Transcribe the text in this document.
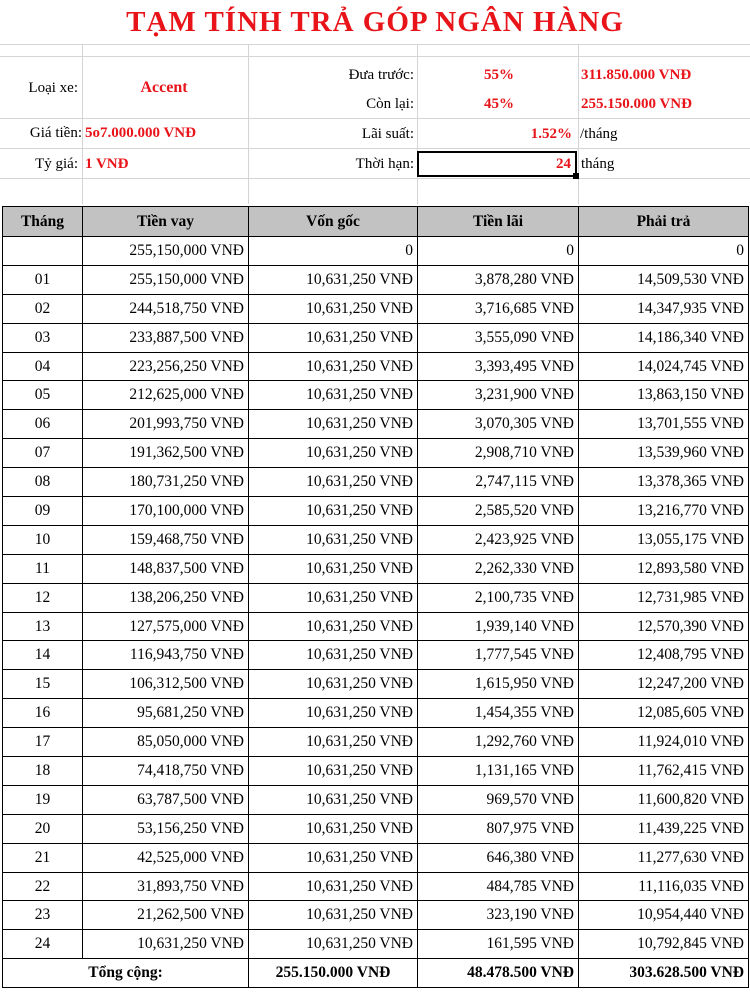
TẠM TÍNH TRẢ GÓP NGÂN HÀNG
Loại xe:	Accent
Giá tiền: 5o7.000.000 VNĐ
Tỷ giá: 1 VNĐ
Đưa trước:	55%	311.850.000 VNĐ
Còn lại:	45%	255.150.000 VNĐ
Lãi suất:	1.52% /tháng
Thời hạn:	24 tháng
Tháng	Tiền vay	Vốn gốc	Tiền lãi	Phải trả
	255,150,000 VNĐ	0	0	0
01	255,150,000 VNĐ	10,631,250 VNĐ	3,878,280 VNĐ	14,509,530 VNĐ
02	244,518,750 VNĐ	10,631,250 VNĐ	3,716,685 VNĐ	14,347,935 VNĐ
03	233,887,500 VNĐ	10,631,250 VNĐ	3,555,090 VNĐ	14,186,340 VNĐ
04	223,256,250 VNĐ	10,631,250 VNĐ	3,393,495 VNĐ	14,024,745 VNĐ
05	212,625,000 VNĐ	10,631,250 VNĐ	3,231,900 VNĐ	13,863,150 VNĐ
06	201,993,750 VNĐ	10,631,250 VNĐ	3,070,305 VNĐ	13,701,555 VNĐ
07	191,362,500 VNĐ	10,631,250 VNĐ	2,908,710 VNĐ	13,539,960 VNĐ
08	180,731,250 VNĐ	10,631,250 VNĐ	2,747,115 VNĐ	13,378,365 VNĐ
09	170,100,000 VNĐ	10,631,250 VNĐ	2,585,520 VNĐ	13,216,770 VNĐ
10	159,468,750 VNĐ	10,631,250 VNĐ	2,423,925 VNĐ	13,055,175 VNĐ
11	148,837,500 VNĐ	10,631,250 VNĐ	2,262,330 VNĐ	12,893,580 VNĐ
12	138,206,250 VNĐ	10,631,250 VNĐ	2,100,735 VNĐ	12,731,985 VNĐ
13	127,575,000 VNĐ	10,631,250 VNĐ	1,939,140 VNĐ	12,570,390 VNĐ
14	116,943,750 VNĐ	10,631,250 VNĐ	1,777,545 VNĐ	12,408,795 VNĐ
15	106,312,500 VNĐ	10,631,250 VNĐ	1,615,950 VNĐ	12,247,200 VNĐ
16	95,681,250 VNĐ	10,631,250 VNĐ	1,454,355 VNĐ	12,085,605 VNĐ
17	85,050,000 VNĐ	10,631,250 VNĐ	1,292,760 VNĐ	11,924,010 VNĐ
18	74,418,750 VNĐ	10,631,250 VNĐ	1,131,165 VNĐ	11,762,415 VNĐ
19	63,787,500 VNĐ	10,631,250 VNĐ	969,570 VNĐ	11,600,820 VNĐ
20	53,156,250 VNĐ	10,631,250 VNĐ	807,975 VNĐ	11,439,225 VNĐ
21	42,525,000 VNĐ	10,631,250 VNĐ	646,380 VNĐ	11,277,630 VNĐ
22	31,893,750 VNĐ	10,631,250 VNĐ	484,785 VNĐ	11,116,035 VNĐ
23	21,262,500 VNĐ	10,631,250 VNĐ	323,190 VNĐ	10,954,440 VNĐ
24	10,631,250 VNĐ	10,631,250 VNĐ	161,595 VNĐ	10,792,845 VNĐ
Tổng cộng:		255.150.000 VNĐ	48.478.500 VNĐ	303.628.500 VNĐ
